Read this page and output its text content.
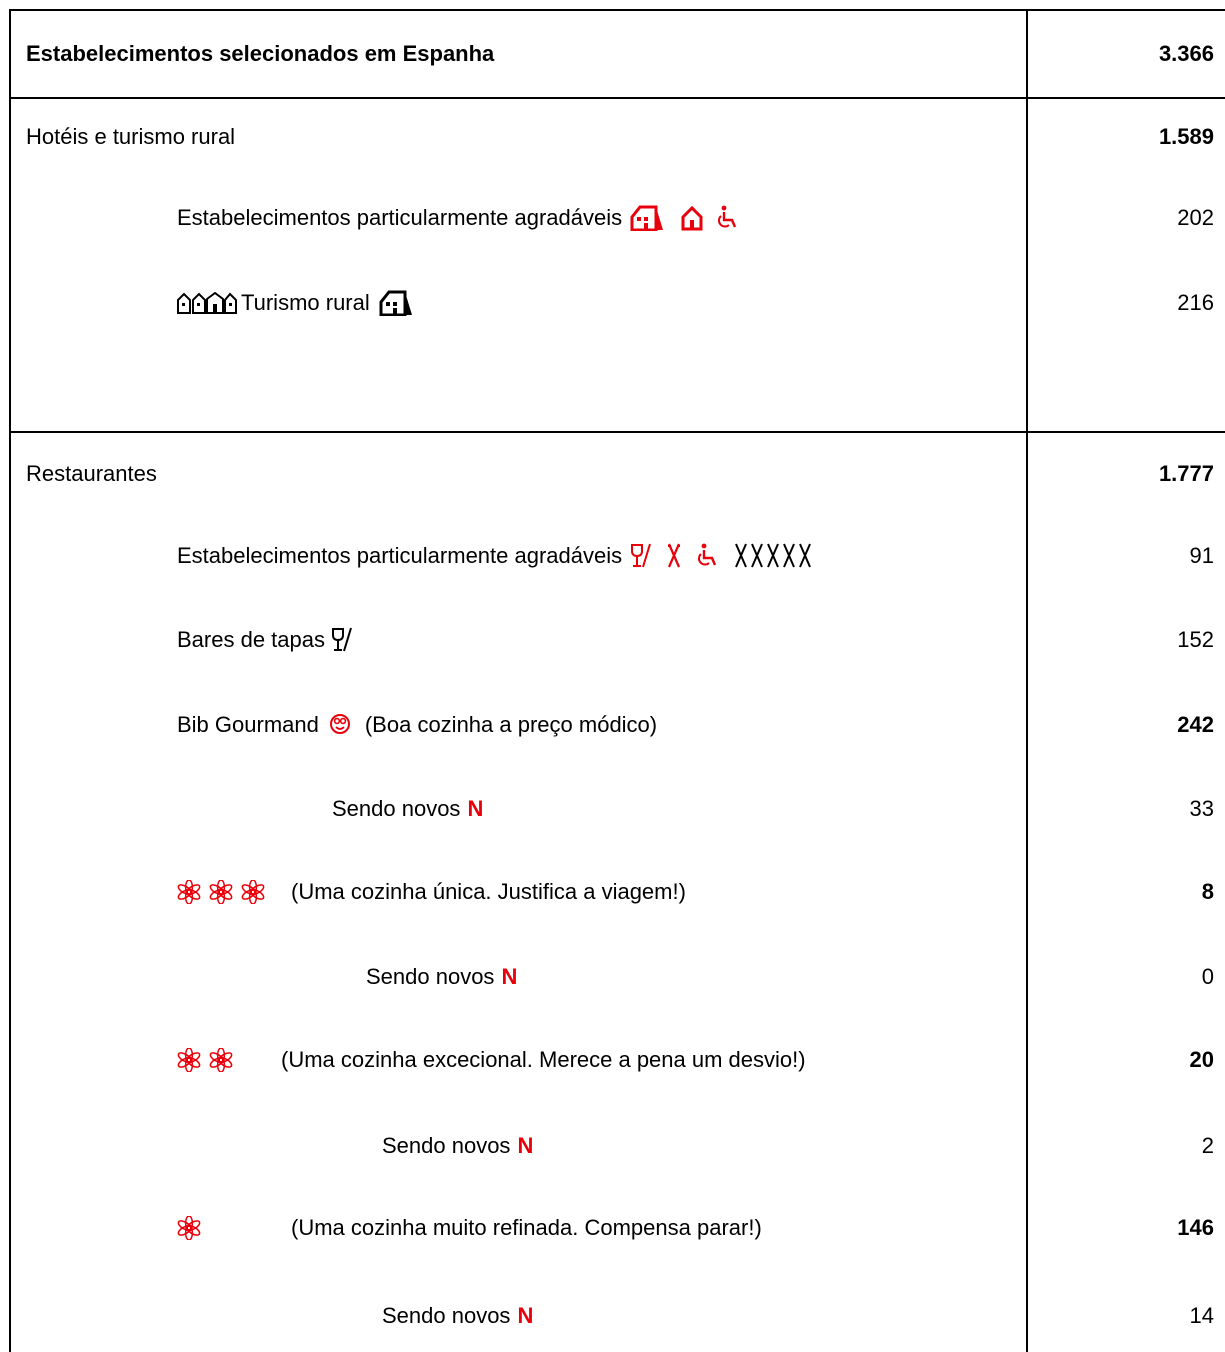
Estabelecimentos selecionados em Espanha	3.366
Hotéis e turismo rural	1.589
Estabelecimentos particularmente agradáveis	202
Turismo rural	216
Restaurantes	1.777
Estabelecimentos particularmente agradáveis	91
Bares de tapas	152
Bib Gourmand (Boa cozinha a preço módico)	242
Sendo novos N	33
(Uma cozinha única. Justifica a viagem!)	8
Sendo novos N	0
(Uma cozinha excecional. Merece a pena um desvio!)	20
Sendo novos N	2
(Uma cozinha muito refinada. Compensa parar!)	146
Sendo novos N	14
